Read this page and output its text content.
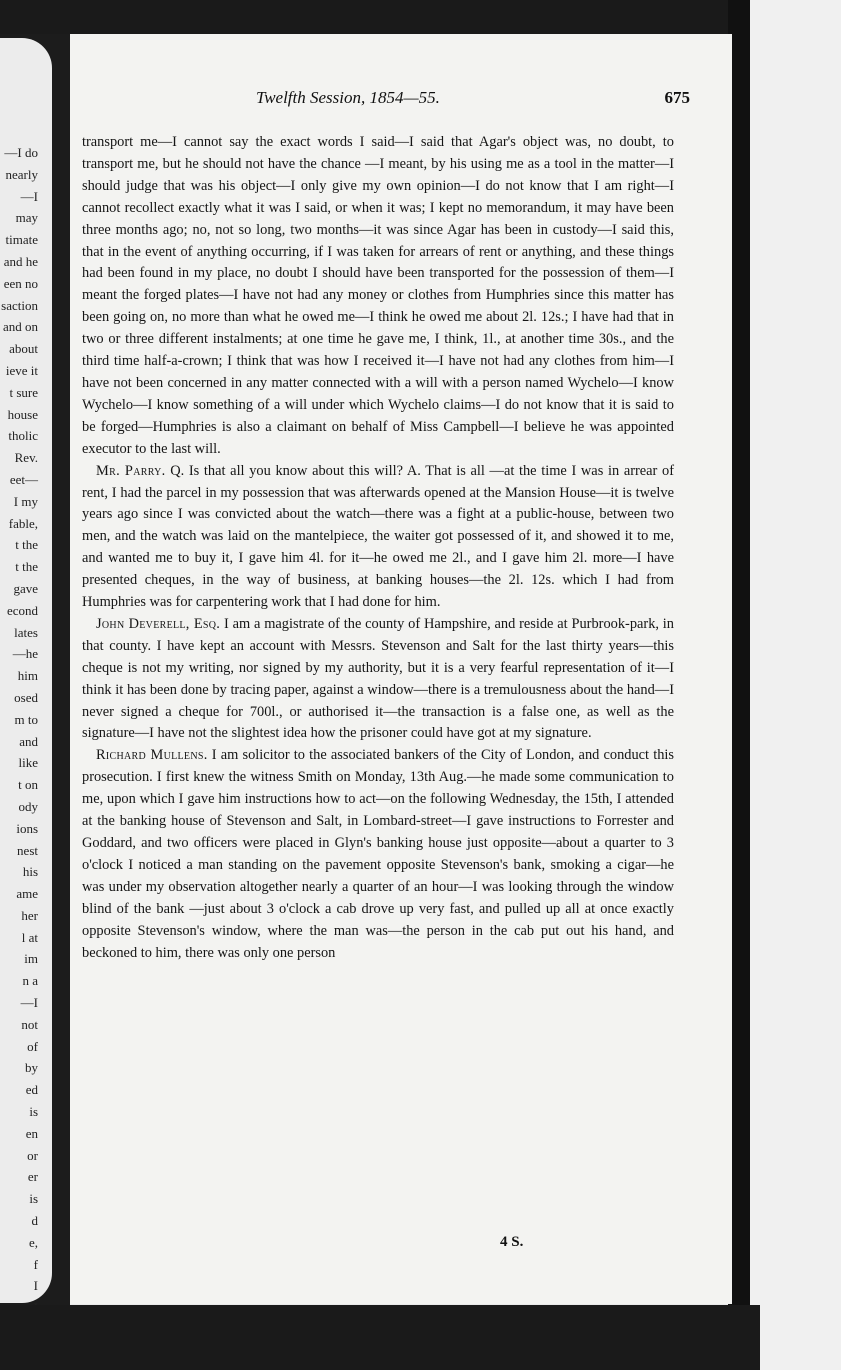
—I do
nearly
—I may
timate
and he
een no
saction
and on
about
ieve it
t sure
house
tholic
Rev.
eet—
I my
fable,
t the
t the
gave
econd
lates
—he
him
osed
m to
and
like
t on
ody
ions
nest
his
ame
her
l at
im
n a
—I
not
of
by
ed
is
en
or
er
is
d
e,
f
I
Twelfth Session, 1854—55.	675

transport me—I cannot say the exact words I said—I said that Agar's object was, no doubt, to transport me, but he should not have the chance —I meant, by his using me as a tool in the matter—I should judge that was his object—I only give my own opinion—I do not know that I am right—I cannot recollect exactly what it was I said, or when it was; I kept no memorandum, it may have been three months ago; no, not so long, two months—it was since Agar has been in custody—I said this, that in the event of anything occurring, if I was taken for arrears of rent or anything, and these things had been found in my place, no doubt I should have been transported for the possession of them—I meant the forged plates—I have not had any money or clothes from Humphries since this matter has been going on, no more than what he owed me—I think he owed me about 2l. 12s.; I have had that in two or three different instalments; at one time he gave me, I think, 1l., at another time 30s., and the third time half-a-crown; I think that was how I received it—I have not had any clothes from him—I have not been concerned in any matter connected with a will with a person named Wychelo—I know Wychelo—I know something of a will under which Wychelo claims—I do not know that it is said to be forged—Humphries is also a claimant on behalf of Miss Campbell—I believe he was appointed executor to the last will.

Mr. Parry. Q. Is that all you know about this will? A. That is all —at the time I was in arrear of rent, I had the parcel in my possession that was afterwards opened at the Mansion House—it is twelve years ago since I was convicted about the watch—there was a fight at a public-house, between two men, and the watch was laid on the mantelpiece, the waiter got possessed of it, and showed it to me, and wanted me to buy it, I gave him 4l. for it—he owed me 2l., and I gave him 2l. more—I have presented cheques, in the way of business, at banking houses—the 2l. 12s. which I had from Humphries was for carpentering work that I had done for him.

John Deverell, Esq. I am a magistrate of the county of Hampshire, and reside at Purbrook-park, in that county. I have kept an account with Messrs. Stevenson and Salt for the last thirty years—this cheque is not my writing, nor signed by my authority, but it is a very fearful representation of it—I think it has been done by tracing paper, against a window—there is a tremulousness about the hand—I never signed a cheque for 700l., or authorised it—the transaction is a false one, as well as the signature—I have not the slightest idea how the prisoner could have got at my signature.

Richard Mullens. I am solicitor to the associated bankers of the City of London, and conduct this prosecution. I first knew the witness Smith on Monday, 13th Aug.—he made some communication to me, upon which I gave him instructions how to act—on the following Wednesday, the 15th, I attended at the banking house of Stevenson and Salt, in Lombard-street—I gave instructions to Forrester and Goddard, and two officers were placed in Glyn's banking house just opposite—about a quarter to 3 o'clock I noticed a man standing on the pavement opposite Stevenson's bank, smoking a cigar—he was under my observation altogether nearly a quarter of an hour—I was looking through the window blind of the bank —just about 3 o'clock a cab drove up very fast, and pulled up all at once exactly opposite Stevenson's window, where the man was—the person in the cab put out his hand, and beckoned to him, there was only one person

4 S.
